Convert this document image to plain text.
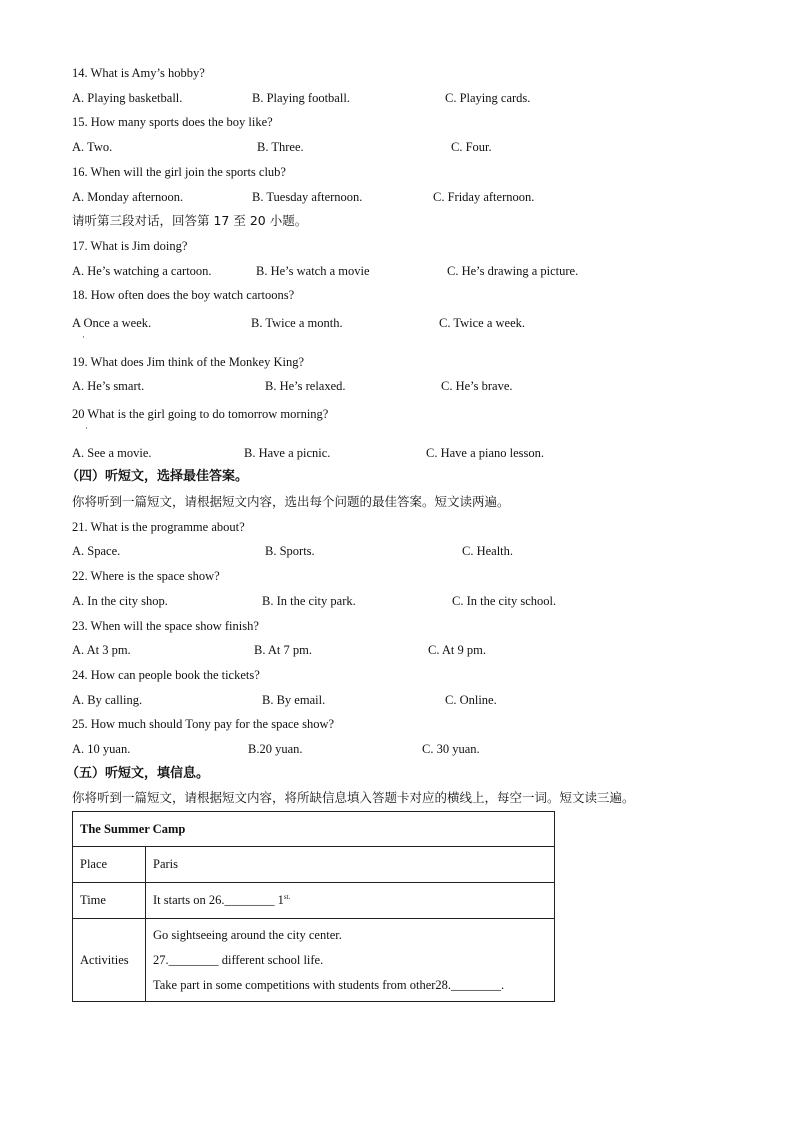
14. What is Amy’s hobby?
A. Playing basketball.	B. Playing football.	C. Playing cards.
15. How many sports does the boy like?
A. Two.	B. Three.	C. Four.
16. When will the girl join the sports club?
A. Monday afternoon.	B. Tuesday afternoon.	C. Friday afternoon.
请听第三段对话，回答第 17 至 20 小题。
17. What is Jim doing?
A. He’s watching a cartoon.	B. He’s watch a movie	C. He’s drawing a picture.
18. How often does the boy watch cartoons?
A Once a week.
·
B. Twice a month.	C. Twice a week.
19. What does Jim think of the Monkey King?
A. He’s smart.	B. He’s relaxed.	C. He’s brave.
20 What is the girl going to do tomorrow morning?
·
A. See a movie.	B. Have a picnic.	C. Have a piano lesson.
（四）听短文，选择最佳答案。
你将听到一篇短文，请根据短文内容，选出每个问题的最佳答案。短文读两遍。
21. What is the programme about?
A. Space.	B. Sports.	C. Health.
22. Where is the space show?
A. In the city shop.	B. In the city park.	C. In the city school.
23. When will the space show finish?
A. At 3 pm.	B. At 7 pm.	C. At 9 pm.
24. How can people book the tickets?
A. By calling.	B. By email.	C. Online.
25. How much should Tony pay for the space show?
A. 10 yuan.	B.20 yuan.	C. 30 yuan.
（五）听短文，填信息。
你将听到一篇短文，请根据短文内容，将所缺信息填入答题卡对应的横线上，每空一词。短文读三遍。
The Summer Camp	
Place	Paris
Time	It starts on 26.________ $1^{st.}$
Activities	Go sightseeing around the city center.
27.________ different school life.
Take part in some competitions with students from other28.________.
